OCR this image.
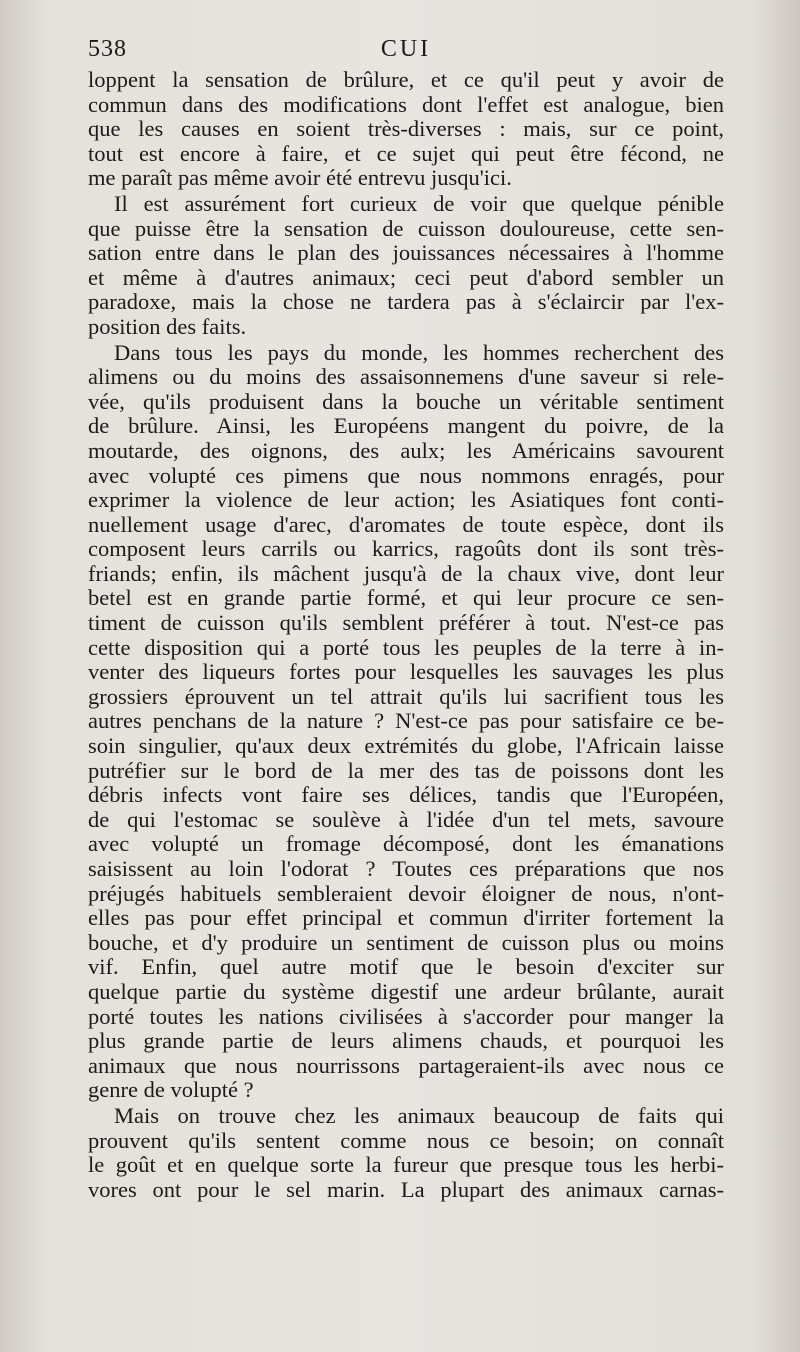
538	CUI
loppent la sensation de brûlure, et ce qu'il peut y avoir de
commun dans des modifications dont l'effet est analogue, bien
que les causes en soient très-diverses : mais, sur ce point,
tout est encore à faire, et ce sujet qui peut être fécond, ne
me paraît pas même avoir été entrevu jusqu'ici.
Il est assurément fort curieux de voir que quelque pénible
que puisse être la sensation de cuisson douloureuse, cette sen-
sation entre dans le plan des jouissances nécessaires à l'homme
et même à d'autres animaux; ceci peut d'abord sembler un
paradoxe, mais la chose ne tardera pas à s'éclaircir par l'ex-
position des faits.
Dans tous les pays du monde, les hommes recherchent des
alimens ou du moins des assaisonnemens d'une saveur si rele-
vée, qu'ils produisent dans la bouche un véritable sentiment
de brûlure. Ainsi, les Européens mangent du poivre, de la
moutarde, des oignons, des aulx; les Américains savourent
avec volupté ces pimens que nous nommons enragés, pour
exprimer la violence de leur action; les Asiatiques font conti-
nuellement usage d'arec, d'aromates de toute espèce, dont ils
composent leurs carrils ou karrics, ragoûts dont ils sont très-
friands; enfin, ils mâchent jusqu'à de la chaux vive, dont leur
betel est en grande partie formé, et qui leur procure ce sen-
timent de cuisson qu'ils semblent préférer à tout. N'est-ce pas
cette disposition qui a porté tous les peuples de la terre à in-
venter des liqueurs fortes pour lesquelles les sauvages les plus
grossiers éprouvent un tel attrait qu'ils lui sacrifient tous les
autres penchans de la nature ? N'est-ce pas pour satisfaire ce be-
soin singulier, qu'aux deux extrémités du globe, l'Africain laisse
putréfier sur le bord de la mer des tas de poissons dont les
débris infects vont faire ses délices, tandis que l'Européen,
de qui l'estomac se soulève à l'idée d'un tel mets, savoure
avec volupté un fromage décomposé, dont les émanations
saisissent au loin l'odorat ? Toutes ces préparations que nos
préjugés habituels sembleraient devoir éloigner de nous, n'ont-
elles pas pour effet principal et commun d'irriter fortement la
bouche, et d'y produire un sentiment de cuisson plus ou moins
vif. Enfin, quel autre motif que le besoin d'exciter sur
quelque partie du système digestif une ardeur brûlante, aurait
porté toutes les nations civilisées à s'accorder pour manger la
plus grande partie de leurs alimens chauds, et pourquoi les
animaux que nous nourrissons partageraient-ils avec nous ce
genre de volupté ?
Mais on trouve chez les animaux beaucoup de faits qui
prouvent qu'ils sentent comme nous ce besoin; on connaît
le goût et en quelque sorte la fureur que presque tous les herbi-
vores ont pour le sel marin. La plupart des animaux carnas-
